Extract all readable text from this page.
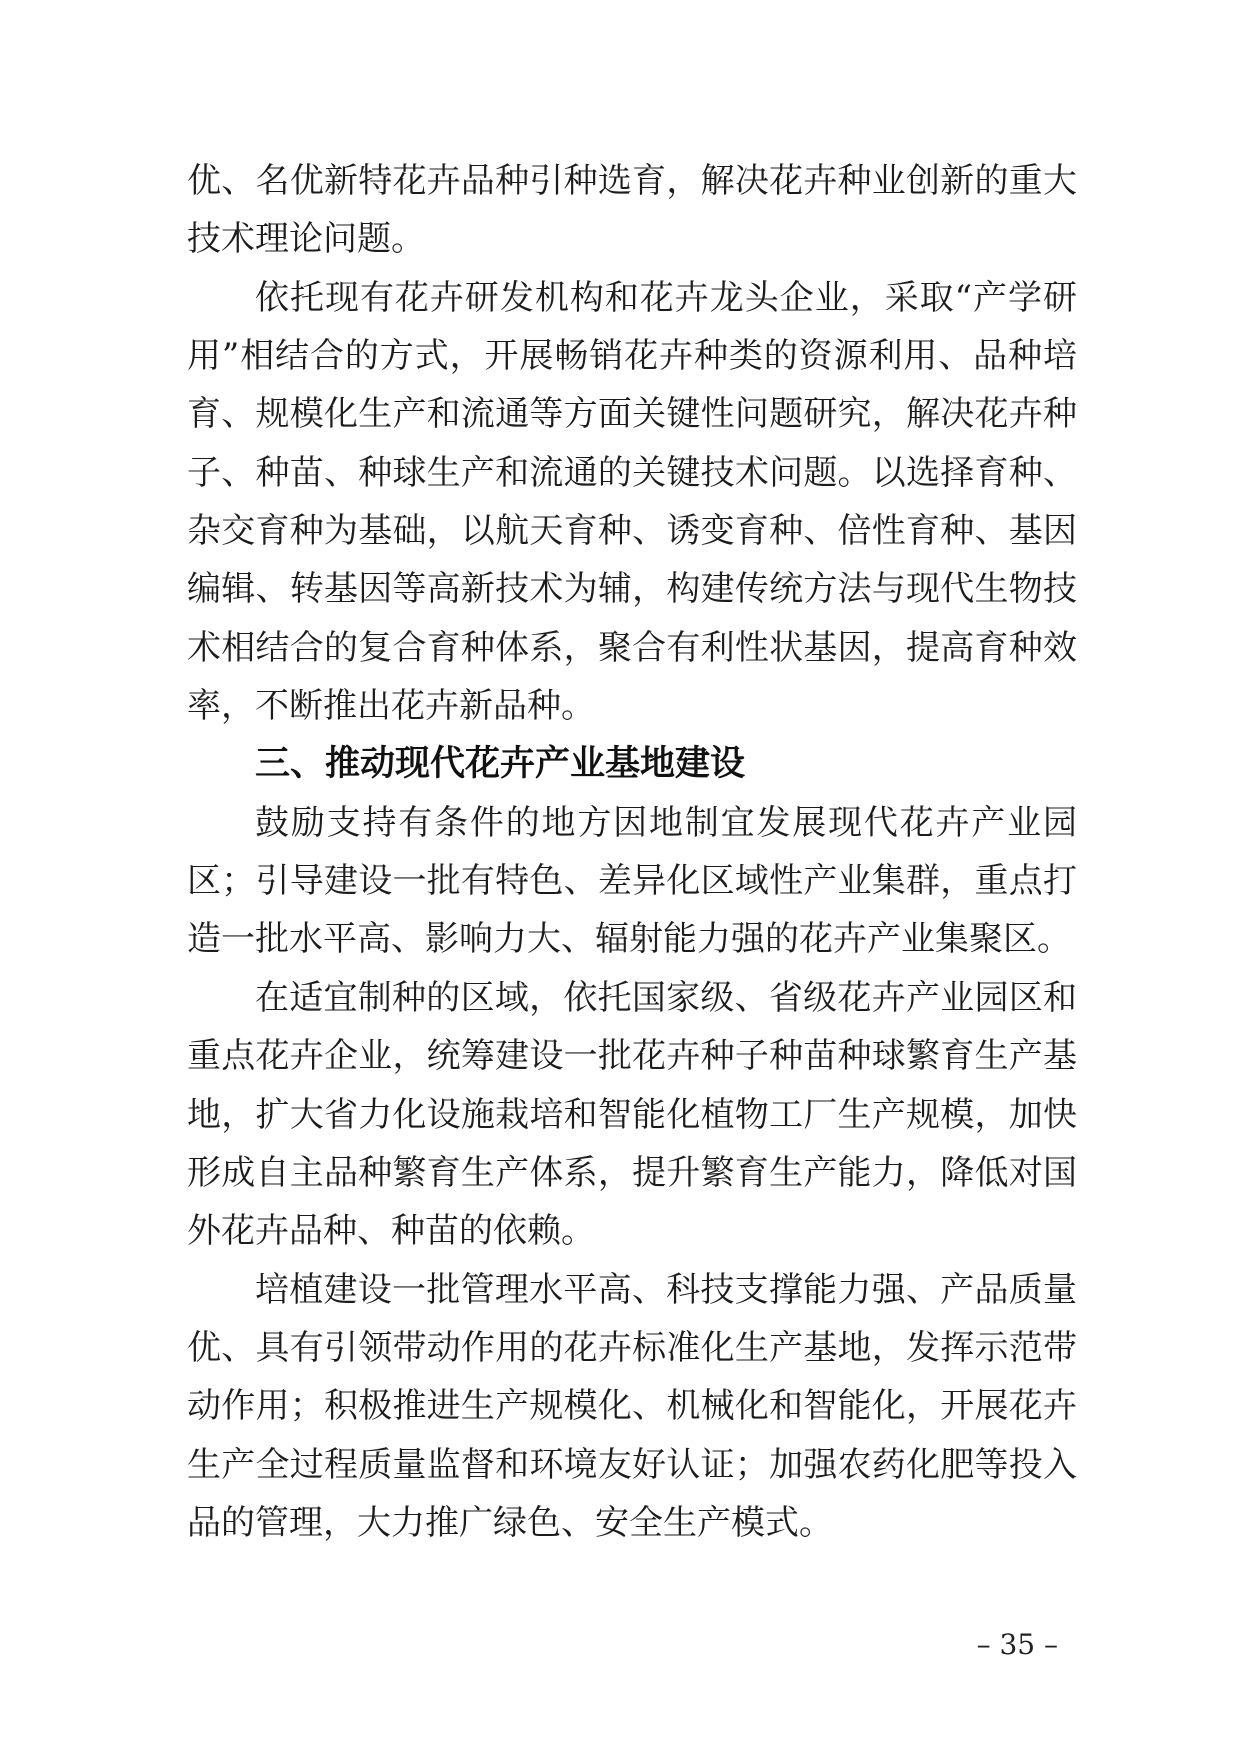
优、名优新特花卉品种引种选育，解决花卉种业创新的重大
技术理论问题。
依托现有花卉研发机构和花卉龙头企业，采取“产学研
用”相结合的方式，开展畅销花卉种类的资源利用、品种培
育、规模化生产和流通等方面关键性问题研究，解决花卉种
子、种苗、种球生产和流通的关键技术问题。以选择育种、
杂交育种为基础，以航天育种、诱变育种、倍性育种、基因
编辑、转基因等高新技术为辅，构建传统方法与现代生物技
术相结合的复合育种体系，聚合有利性状基因，提高育种效
率，不断推出花卉新品种。
三、推动现代花卉产业基地建设
鼓励支持有条件的地方因地制宜发展现代花卉产业园
区；引导建设一批有特色、差异化区域性产业集群，重点打
造一批水平高、影响力大、辐射能力强的花卉产业集聚区。
在适宜制种的区域，依托国家级、省级花卉产业园区和
重点花卉企业，统筹建设一批花卉种子种苗种球繁育生产基
地，扩大省力化设施栽培和智能化植物工厂生产规模，加快
形成自主品种繁育生产体系，提升繁育生产能力，降低对国
外花卉品种、种苗的依赖。
培植建设一批管理水平高、科技支撑能力强、产品质量
优、具有引领带动作用的花卉标准化生产基地，发挥示范带
动作用；积极推进生产规模化、机械化和智能化，开展花卉
生产全过程质量监督和环境友好认证；加强农药化肥等投入
品的管理，大力推广绿色、安全生产模式。
– 35 –
